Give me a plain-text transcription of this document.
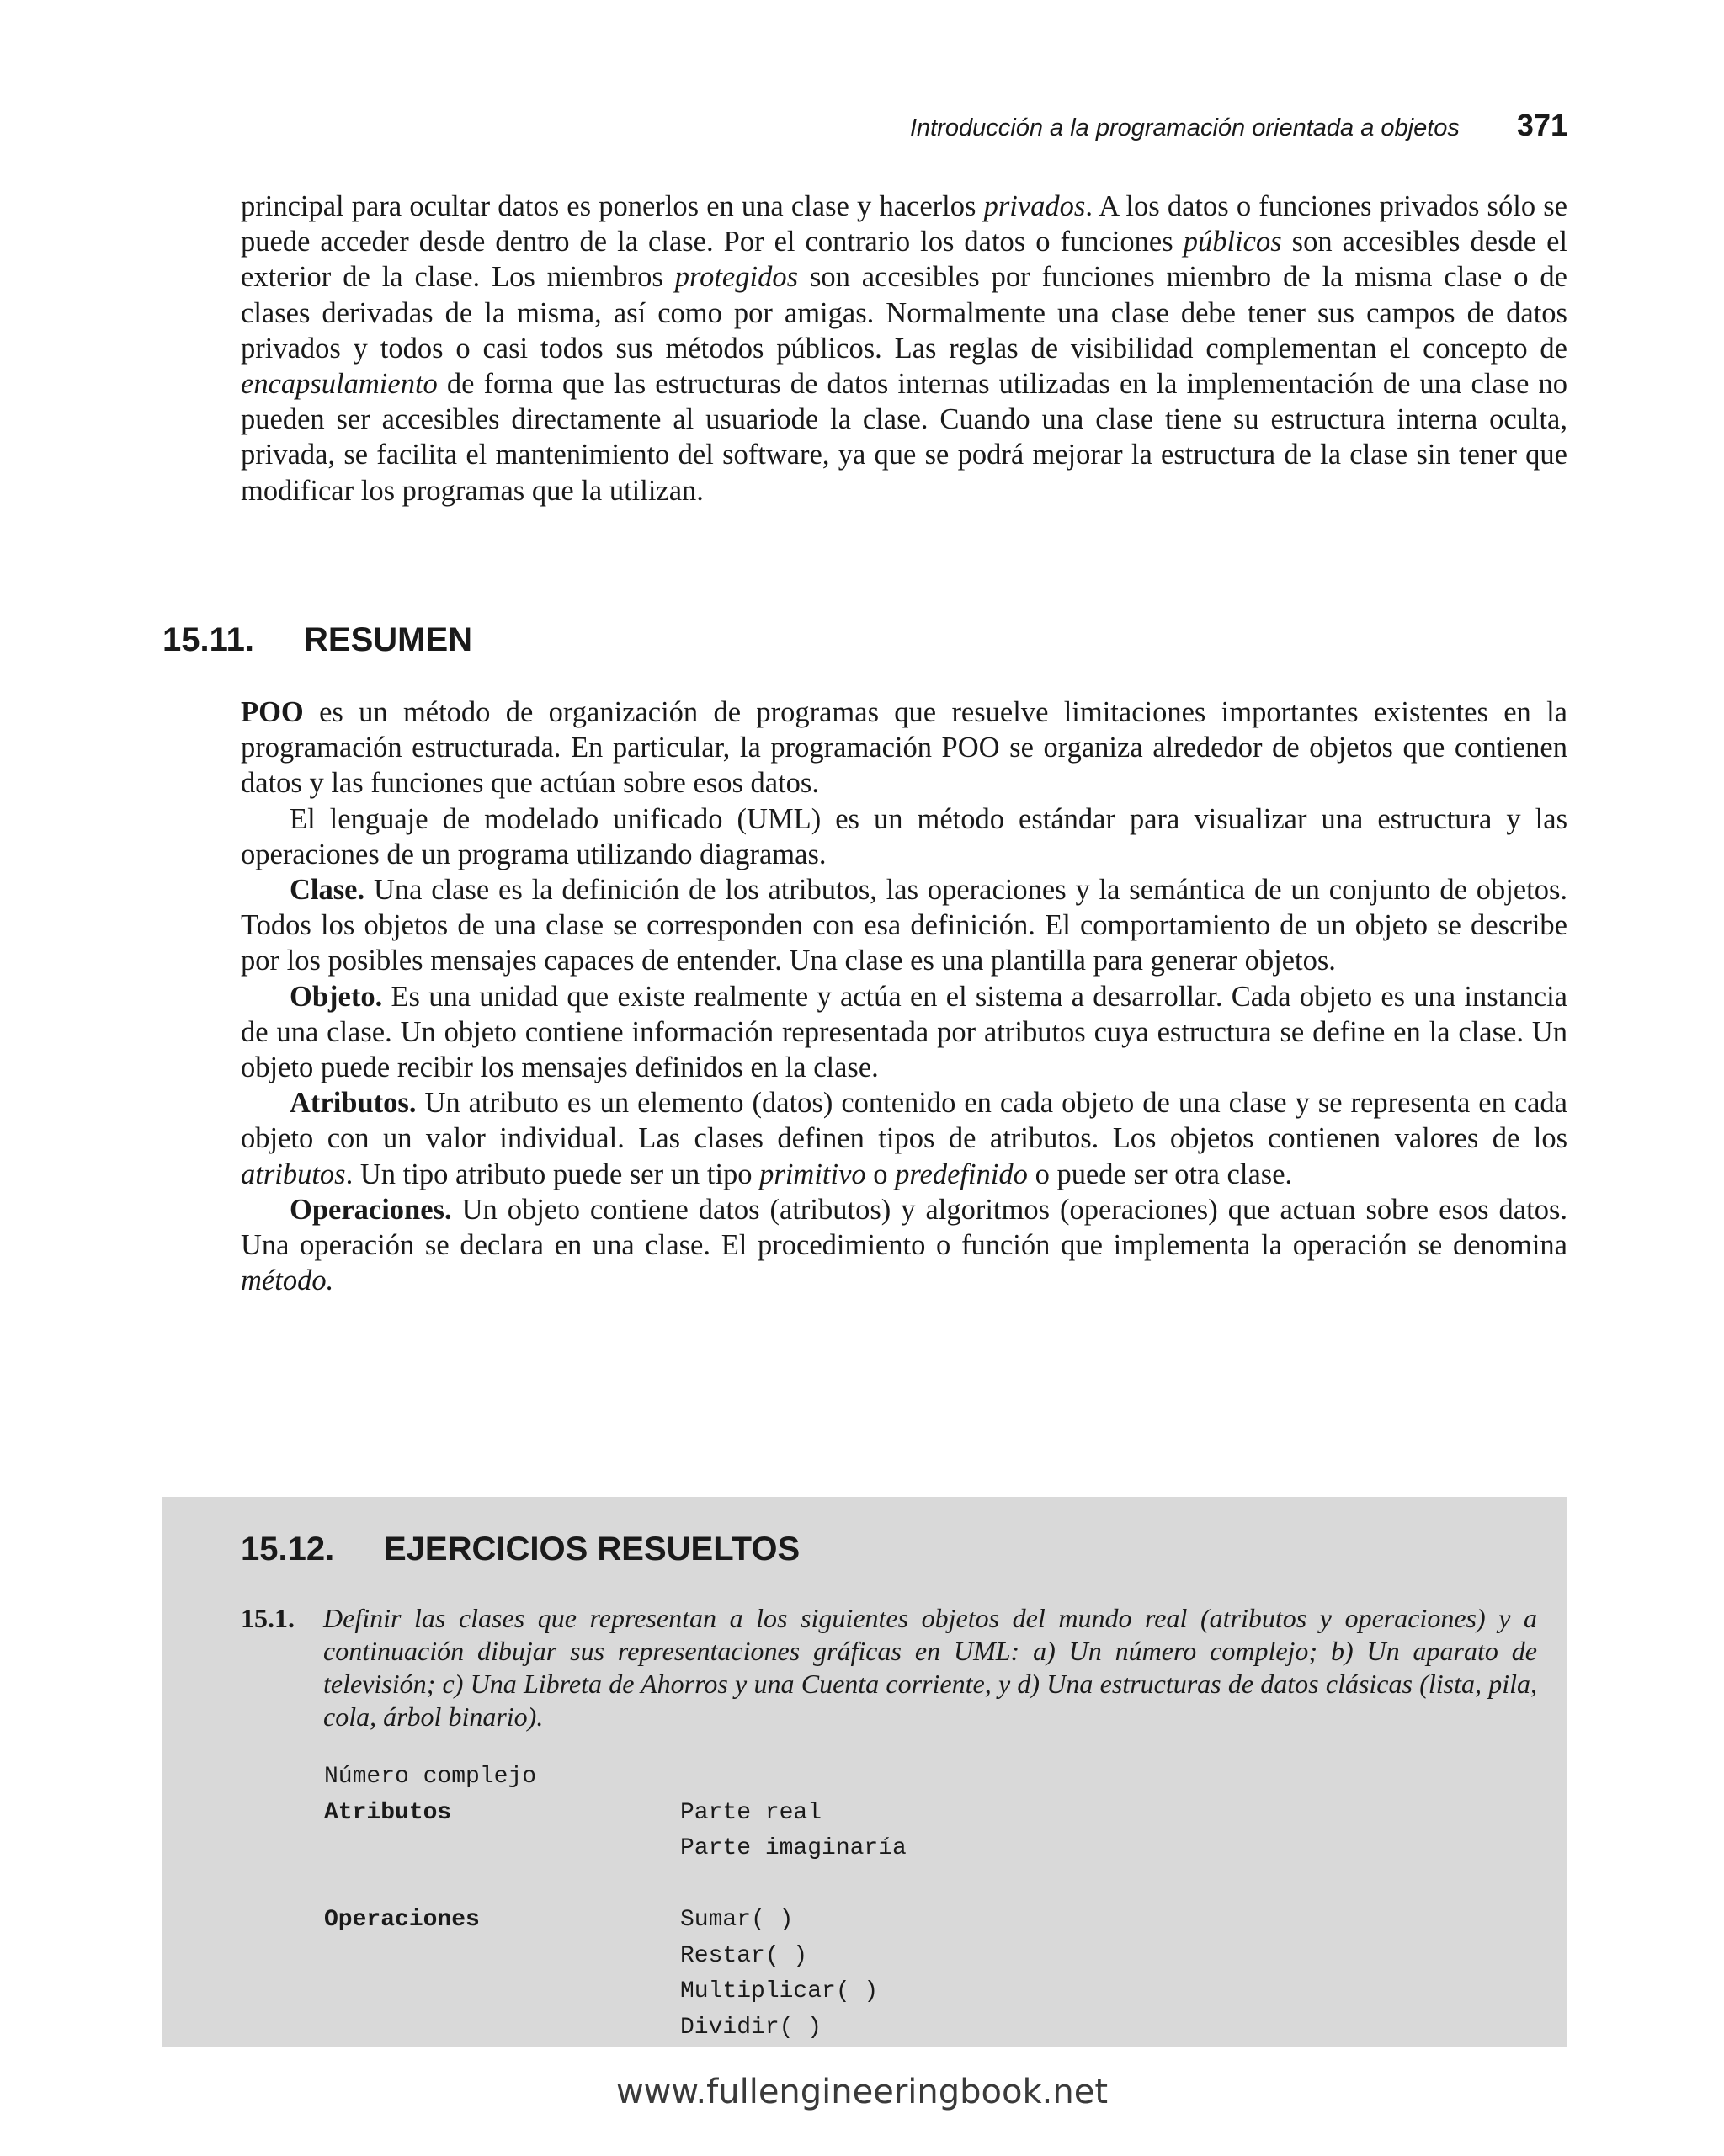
Introducción a la programación orientada a objetos 371

principal para ocultar datos es ponerlos en una clase y hacerlos privados. A los datos o funciones privados sólo se puede acceder desde dentro de la clase. Por el contrario los datos o funciones públicos son accesibles desde el exterior de la clase. Los miembros protegidos son accesibles por funciones miembro de la misma clase o de clases derivadas de la misma, así como por amigas. Normalmente una clase debe tener sus campos de datos privados y todos o casi todos sus métodos públicos. Las reglas de visibilidad complementan el concepto de encapsulamiento de forma que las estructuras de datos internas utilizadas en la implementación de una clase no pueden ser accesibles directamente al usuariode la clase. Cuando una clase tiene su estructura interna oculta, privada, se facilita el mantenimiento del software, ya que se podrá mejorar la estructura de la clase sin tener que modificar los programas que la utilizan.

15.11. RESUMEN

POO es un método de organización de programas que resuelve limitaciones importantes existentes en la programación estructurada. En particular, la programación POO se organiza alrededor de objetos que contienen datos y las funciones que actúan sobre esos datos.

El lenguaje de modelado unificado (UML) es un método estándar para visualizar una estructura y las operaciones de un programa utilizando diagramas.

Clase. Una clase es la definición de los atributos, las operaciones y la semántica de un conjunto de objetos. Todos los objetos de una clase se corresponden con esa definición. El comportamiento de un objeto se describe por los posibles mensajes capaces de entender. Una clase es una plantilla para generar objetos.

Objeto. Es una unidad que existe realmente y actúa en el sistema a desarrollar. Cada objeto es una instancia de una clase. Un objeto contiene información representada por atributos cuya estructura se define en la clase. Un objeto puede recibir los mensajes definidos en la clase.

Atributos. Un atributo es un elemento (datos) contenido en cada objeto de una clase y se representa en cada objeto con un valor individual. Las clases definen tipos de atributos. Los objetos contienen valores de los atributos. Un tipo atributo puede ser un tipo primitivo o predefinido o puede ser otra clase.

Operaciones. Un objeto contiene datos (atributos) y algoritmos (operaciones) que actuan sobre esos datos. Una operación se declara en una clase. El procedimiento o función que implementa la operación se denomina método.

15.12. EJERCICIOS RESUELTOS
15.1.	Definir las clases que representan a los siguientes objetos del mundo real (atributos y operaciones) y a continuación dibujar sus representaciones gráficas en UML: a) Un número complejo; b) Un aparato de televisión; c) Una Libreta de Ahorros y una Cuenta corriente, y d) Una estructuras de datos clásicas (lista, pila, cola, árbol binario).

Número complejo
Atributos	Parte real
Parte imaginaría
Operaciones	Sumar( )
Restar( )
Multiplicar( )
Dividir( )
www.fullengineeringbook.net
